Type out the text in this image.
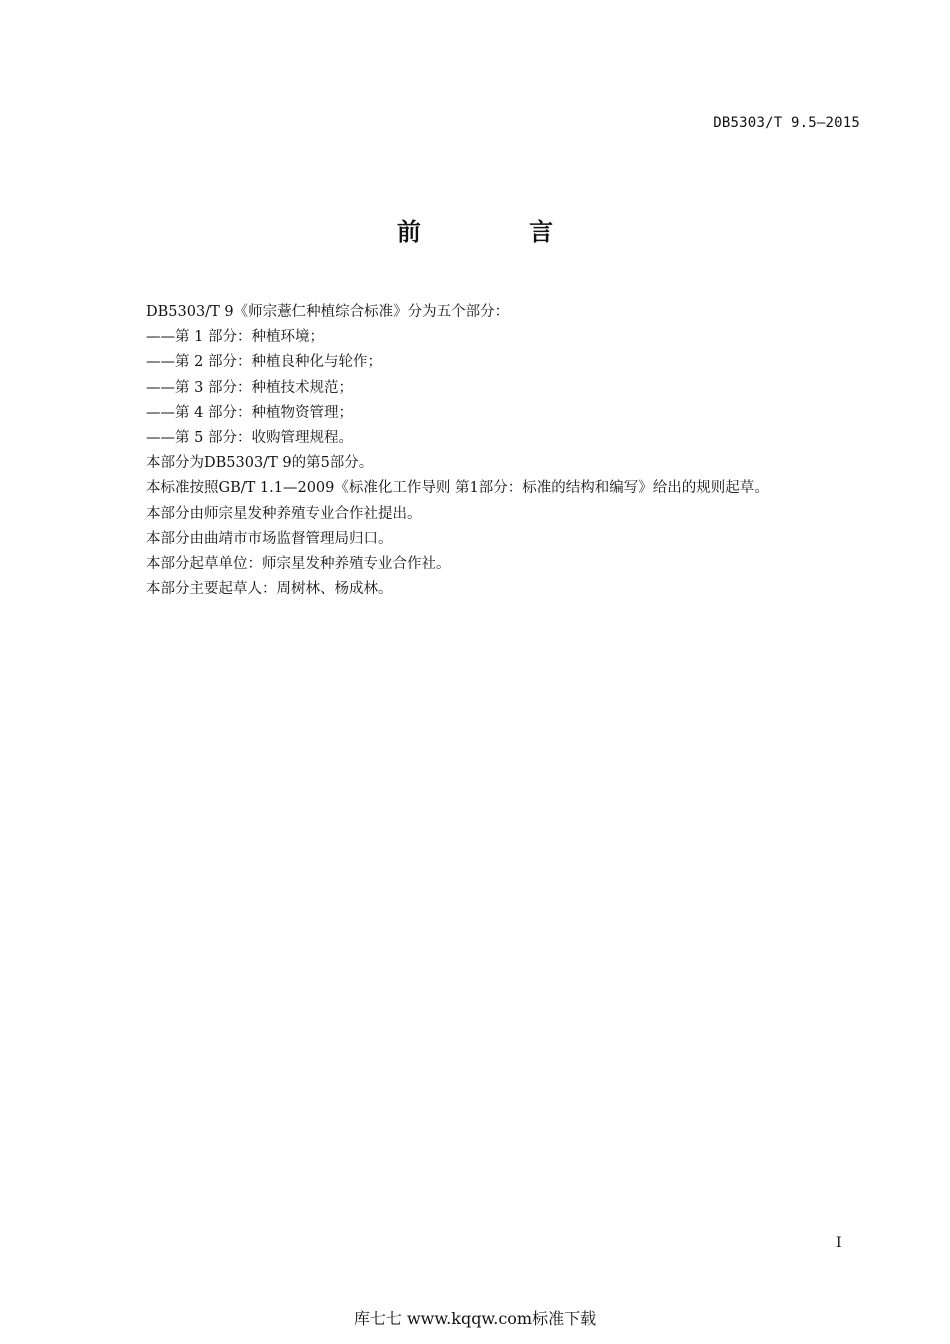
DB5303/T 9.5—2015
前 言
DB5303/T 9《师宗薏仁种植综合标准》分为五个部分：
——第 1 部分：种植环境；
——第 2 部分：种植良种化与轮作；
——第 3 部分：种植技术规范；
——第 4 部分：种植物资管理；
——第 5 部分：收购管理规程。
本部分为DB5303/T 9的第5部分。
本标准按照GB/T 1.1—2009《标准化工作导则 第1部分：标准的结构和编写》给出的规则起草。
本部分由师宗星发种养殖专业合作社提出。
本部分由曲靖市市场监督管理局归口。
本部分起草单位：师宗星发种养殖专业合作社。
本部分主要起草人：周树林、杨成林。
I
库七七 www.kqqw.com标准下载
